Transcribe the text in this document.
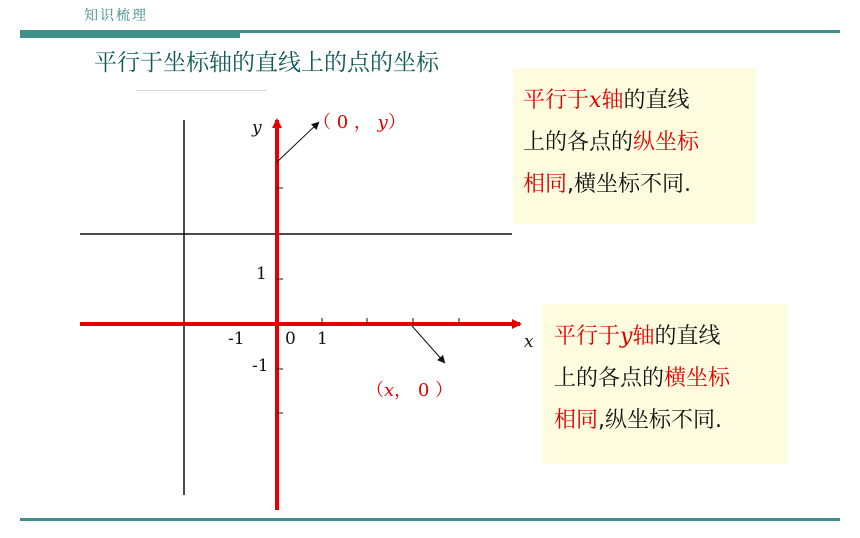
知识梳理
平行于坐标轴的直线上的点的坐标
y
x
1
-1
-1 0 1
（ 0 ， y）
（x， 0 ）
平行于x轴的直线
上的各点的纵坐标
相同,横坐标不同.
平行于y轴的直线
上的各点的横坐标
相同,纵坐标不同.
